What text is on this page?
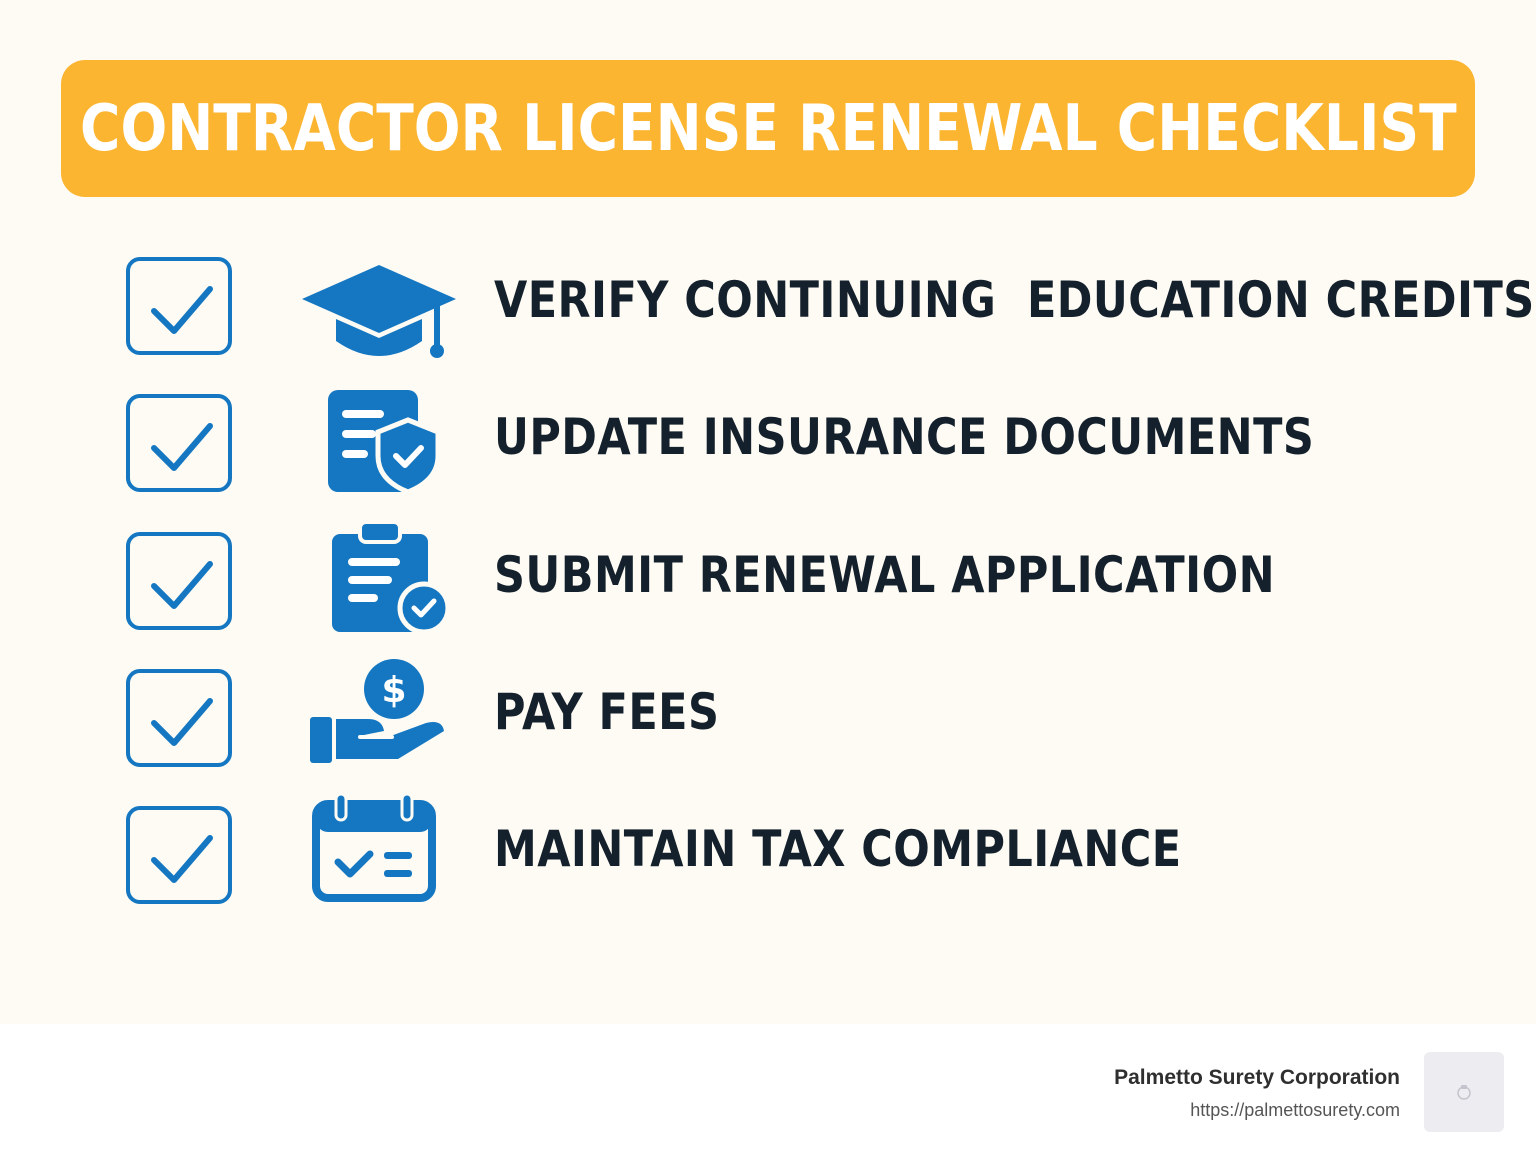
CONTRACTOR LICENSE RENEWAL CHECKLIST
VERIFY CONTINUING  EDUCATION CREDITS
UPDATE INSURANCE DOCUMENTS
SUBMIT RENEWAL APPLICATION
$ PAY FEES
MAINTAIN TAX COMPLIANCE
Palmetto Surety Corporation
https://palmettosurety.com
